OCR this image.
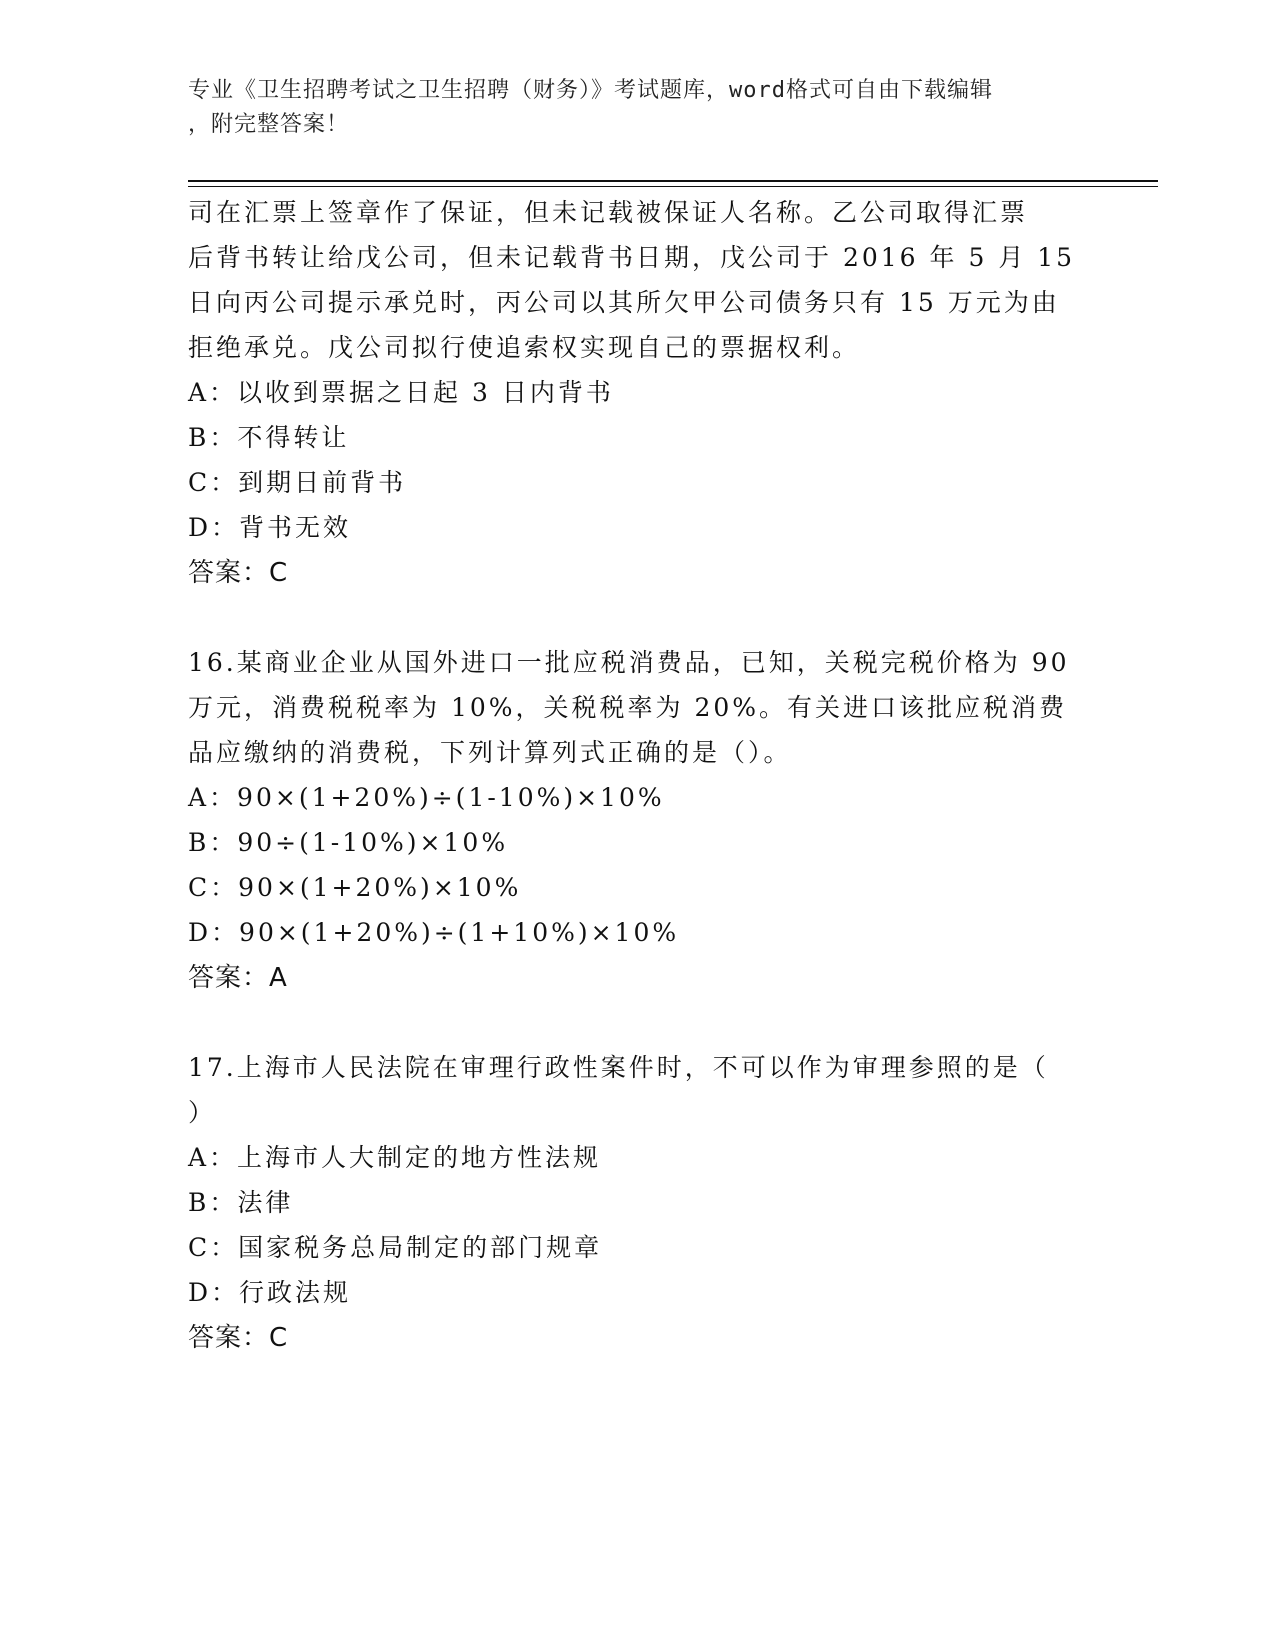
专业《卫生招聘考试之卫生招聘（财务）》考试题库，word格式可自由下载编辑
，附完整答案！
司在汇票上签章作了保证，但未记载被保证人名称。乙公司取得汇票
后背书转让给戊公司，但未记载背书日期，戊公司于 2016 年 5 月 15
日向丙公司提示承兑时，丙公司以其所欠甲公司债务只有 15 万元为由
拒绝承兑。戊公司拟行使追索权实现自己的票据权利。
A：以收到票据之日起 3 日内背书
B：不得转让
C：到期日前背书
D：背书无效
答案：C
16.某商业企业从国外进口一批应税消费品，已知，关税完税价格为 90
万元，消费税税率为 10%，关税税率为 20%。有关进口该批应税消费
品应缴纳的消费税，下列计算列式正确的是（）。
A：90×(1+20%)÷(1-10%)×10%
B：90÷(1-10%)×10%
C：90×(1+20%)×10%
D：90×(1+20%)÷(1+10%)×10%
答案：A
17.上海市人民法院在审理行政性案件时，不可以作为审理参照的是（
）
A：上海市人大制定的地方性法规
B：法律
C：国家税务总局制定的部门规章
D：行政法规
答案：C
